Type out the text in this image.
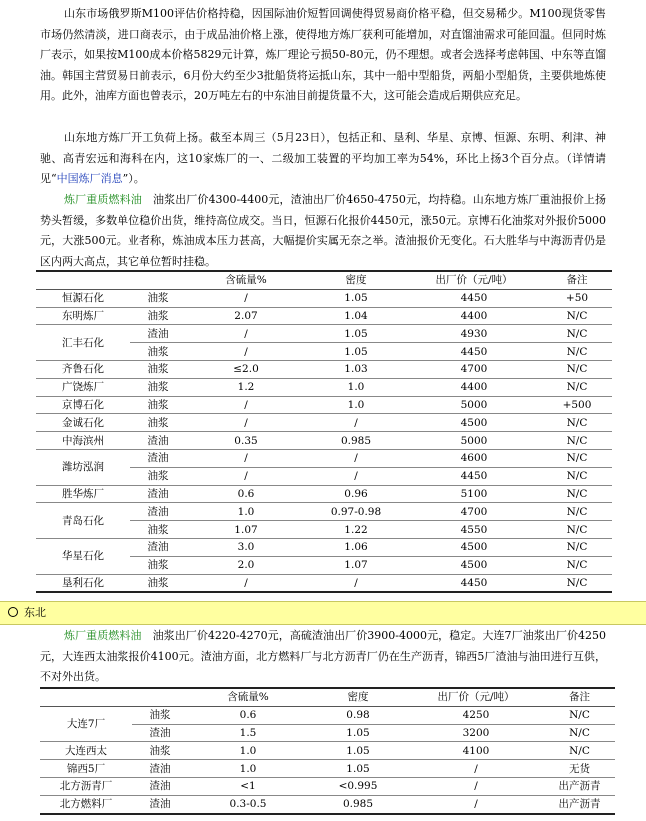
山东市场俄罗斯M100评估价格持稳，因国际油价短暂回调使得贸易商价格平稳，但交易稀少。M100现货零售市场仍然清淡，进口商表示，由于成品油价格上涨，使得地方炼厂获利可能增加，对直馏油需求可能回温。但同时炼厂表示，如果按M100成本价格5829元计算，炼厂理论亏损50-80元，仍不理想。或者会选择考虑韩国、中东等直馏油。韩国主营贸易日前表示，6月份大约至少3批船货将运抵山东，其中一船中型船货，两船小型船货，主要供地炼使用。此外，油库方面也曾表示，20万吨左右的中东油目前提货量不大，这可能会造成后期供应充足。

山东地方炼厂开工负荷上扬。截至本周三（5月23日），包括正和、垦利、华星、京博、恒源、东明、利津、神驰、高青宏远和海科在内，这10家炼厂的一、二级加工装置的平均加工率为54%，环比上扬3个百分点。（详情请见“中国炼厂消息”）。

炼厂重质燃料油　 油浆出厂价4300-4400元，渣油出厂价4650-4750元，均持稳。山东地方炼厂重油报价上扬势头暂缓，多数单位稳价出货，维持高位成交。当日，恒源石化报价4450元，涨50元。京博石化油浆对外报价5000元，大涨500元。业者称，炼油成本压力甚高，大幅提价实属无奈之举。渣油报价无变化。石大胜华与中海沥青仍是区内两大高点，其它单位暂时挂稳。

		含硫量%	密度	出厂价（元/吨）	备注
恒源石化	油浆	/	1.05	4450	+50
东明炼厂	油浆	2.07	1.04	4400	N/C
汇丰石化	渣油	/	1.05	4930	N/C
	油浆	/	1.05	4450	N/C
齐鲁石化	油浆	≤2.0	1.03	4700	N/C
广饶炼厂	油浆	1.2	1.0	4400	N/C
京博石化	油浆	/	1.0	5000	+500
金诚石化	油浆	/	/	4500	N/C
中海滨州	渣油	0.35	0.985	5000	N/C
潍坊泓润	渣油	/	/	4600	N/C
	油浆	/	/	4450	N/C
胜华炼厂	渣油	0.6	0.96	5100	N/C
青岛石化	渣油	1.0	0.97-0.98	4700	N/C
	油浆	1.07	1.22	4550	N/C
华星石化	渣油	3.0	1.06	4500	N/C
	油浆	2.0	1.07	4500	N/C
垦利石化	油浆	/	/	4450	N/C
东北

炼厂重质燃料油　 油浆出厂价4220-4270元，高硫渣油出厂价3900-4000元，稳定。大连7厂油浆出厂价4250元，大连西太油浆报价4100元。渣油方面，北方燃料厂与北方沥青厂仍在生产沥青，锦西5厂渣油与油田进行互供，不对外出货。

		含硫量%	密度	出厂价（元/吨）	备注
大连7厂	油浆	0.6	0.98	4250	N/C
	渣油	1.5	1.05	3200	N/C
大连西太	油浆	1.0	1.05	4100	N/C
锦西5厂	渣油	1.0	1.05	/	无货
北方沥青厂	渣油	<1	<0.995	/	出产沥青
北方燃料厂	渣油	0.3-0.5	0.985	/	出产沥青
